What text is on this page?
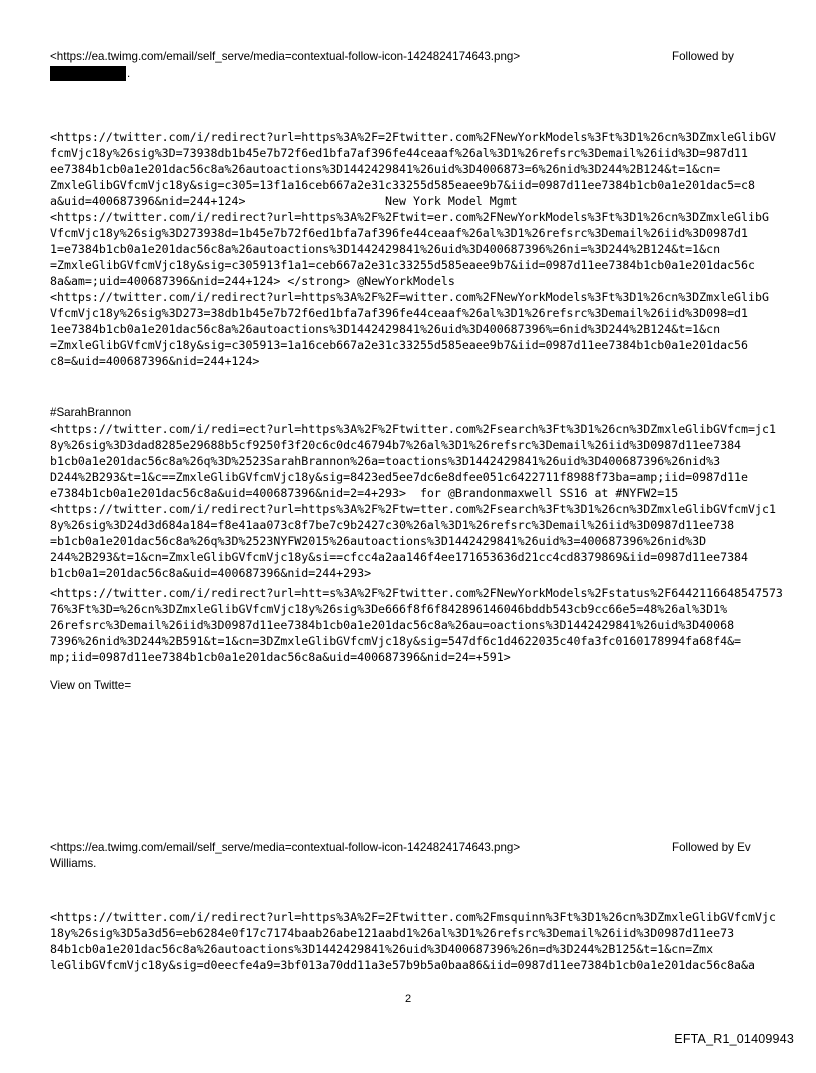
<https://ea.twimg.com/email/self_serve/media=contextual-follow-icon-1424824174643.png>	Followed by
.
<https://twitter.com/i/redirect?url=https%3A%2F=2Ftwitter.com%2FNewYorkModels%3Ft%3D1%26cn%3DZmxleGlibGV
fcmVjc18y%26sig%3D=73938db1b45e7b72f6ed1bfa7af396fe44ceaaf%26al%3D1%26refsrc%3Demail%26iid%3D=987d11
ee7384b1cb0a1e201dac56c8a%26autoactions%3D1442429841%26uid%3D4006873=6%26nid%3D244%2B124&t=1&cn=
ZmxleGlibGVfcmVjc18y&sig=c305=13f1a16ceb667a2e31c33255d585eaee9b7&iid=0987d11ee7384b1cb0a1e201dac5=c8
a&uid=400687396&nid=244+124>                    New York Model Mgmt
<https://twitter.com/i/redirect?url=https%3A%2F%2Ftwit=er.com%2FNewYorkModels%3Ft%3D1%26cn%3DZmxleGlibG
VfcmVjc18y%26sig%3D273938d=1b45e7b72f6ed1bfa7af396fe44ceaaf%26al%3D1%26refsrc%3Demail%26iid%3D0987d1
1=e7384b1cb0a1e201dac56c8a%26autoactions%3D1442429841%26uid%3D400687396%26ni=%3D244%2B124&t=1&cn
=ZmxleGlibGVfcmVjc18y&sig=c305913f1a1=ceb667a2e31c33255d585eaee9b7&iid=0987d11ee7384b1cb0a1e201dac56c
8a&am=;uid=400687396&nid=244+124> </strong> @NewYorkModels
<https://twitter.com/i/redirect?url=https%3A%2F%2F=witter.com%2FNewYorkModels%3Ft%3D1%26cn%3DZmxleGlibG
VfcmVjc18y%26sig%3D273=38db1b45e7b72f6ed1bfa7af396fe44ceaaf%26al%3D1%26refsrc%3Demail%26iid%3D098=d1
1ee7384b1cb0a1e201dac56c8a%26autoactions%3D1442429841%26uid%3D400687396%=6nid%3D244%2B124&t=1&cn
=ZmxleGlibGVfcmVjc18y&sig=c305913=1a16ceb667a2e31c33255d585eaee9b7&iid=0987d11ee7384b1cb0a1e201dac56
c8=&uid=400687396&nid=244+124>
#SarahBrannon
<https://twitter.com/i/redi=ect?url=https%3A%2F%2Ftwitter.com%2Fsearch%3Ft%3D1%26cn%3DZmxleGlibGVfcm=jc1
8y%26sig%3D3dad8285e29688b5cf9250f3f20c6c0dc46794b7%26al%3D1%26refsrc%3Demail%26iid%3D0987d11ee7384
b1cb0a1e201dac56c8a%26q%3D%2523SarahBrannon%26a=toactions%3D1442429841%26uid%3D400687396%26nid%3
D244%2B293&t=1&c==ZmxleGlibGVfcmVjc18y&sig=8423ed5ee7dc6e8dfee051c6422711f8988f73ba=amp;iid=0987d11e
e7384b1cb0a1e201dac56c8a&uid=400687396&nid=2=4+293>  for @Brandonmaxwell SS16 at #NYFW2=15
<https://twitter.com/i/redirect?url=https%3A%2F%2Ftw=tter.com%2Fsearch%3Ft%3D1%26cn%3DZmxleGlibGVfcmVjc1
8y%26sig%3D24d3d684a184=f8e41aa073c8f7be7c9b2427c30%26al%3D1%26refsrc%3Demail%26iid%3D0987d11ee738
=b1cb0a1e201dac56c8a%26q%3D%2523NYFW2015%26autoactions%3D1442429841%26uid%3=400687396%26nid%3D
244%2B293&t=1&cn=ZmxleGlibGVfcmVjc18y&si==cfcc4a2aa146f4ee171653636d21cc4cd8379869&iid=0987d11ee7384
b1cb0a1=201dac56c8a&uid=400687396&nid=244+293>
<https://twitter.com/i/redirect?url=htt=s%3A%2F%2Ftwitter.com%2FNewYorkModels%2Fstatus%2F6442116648547573
76%3Ft%3D=%26cn%3DZmxleGlibGVfcmVjc18y%26sig%3De666f8f6f842896146046bddb543cb9cc66e5=48%26al%3D1%
26refsrc%3Demail%26iid%3D0987d11ee7384b1cb0a1e201dac56c8a%26au=oactions%3D1442429841%26uid%3D40068
7396%26nid%3D244%2B591&t=1&cn=3DZmxleGlibGVfcmVjc18y&sig=547df6c1d4622035c40fa3fc0160178994fa68f4&=
mp;iid=0987d11ee7384b1cb0a1e201dac56c8a&uid=400687396&nid=24=+591>
View on Twitte=
<https://ea.twimg.com/email/self_serve/media=contextual-follow-icon-1424824174643.png>	Followed by Ev
Williams.
<https://twitter.com/i/redirect?url=https%3A%2F=2Ftwitter.com%2Fmsquinn%3Ft%3D1%26cn%3DZmxleGlibGVfcmVjc
18y%26sig%3D5a3d56=eb6284e0f17c7174baab26abe121aabd1%26al%3D1%26refsrc%3Demail%26iid%3D0987d11ee73
84b1cb0a1e201dac56c8a%26autoactions%3D1442429841%26uid%3D400687396%26n=d%3D244%2B125&t=1&cn=Zmx
leGlibGVfcmVjc18y&sig=d0eecfe4a9=3bf013a70dd11a3e57b9b5a0baa86&iid=0987d11ee7384b1cb0a1e201dac56c8a&a
2
EFTA_R1_01409943
